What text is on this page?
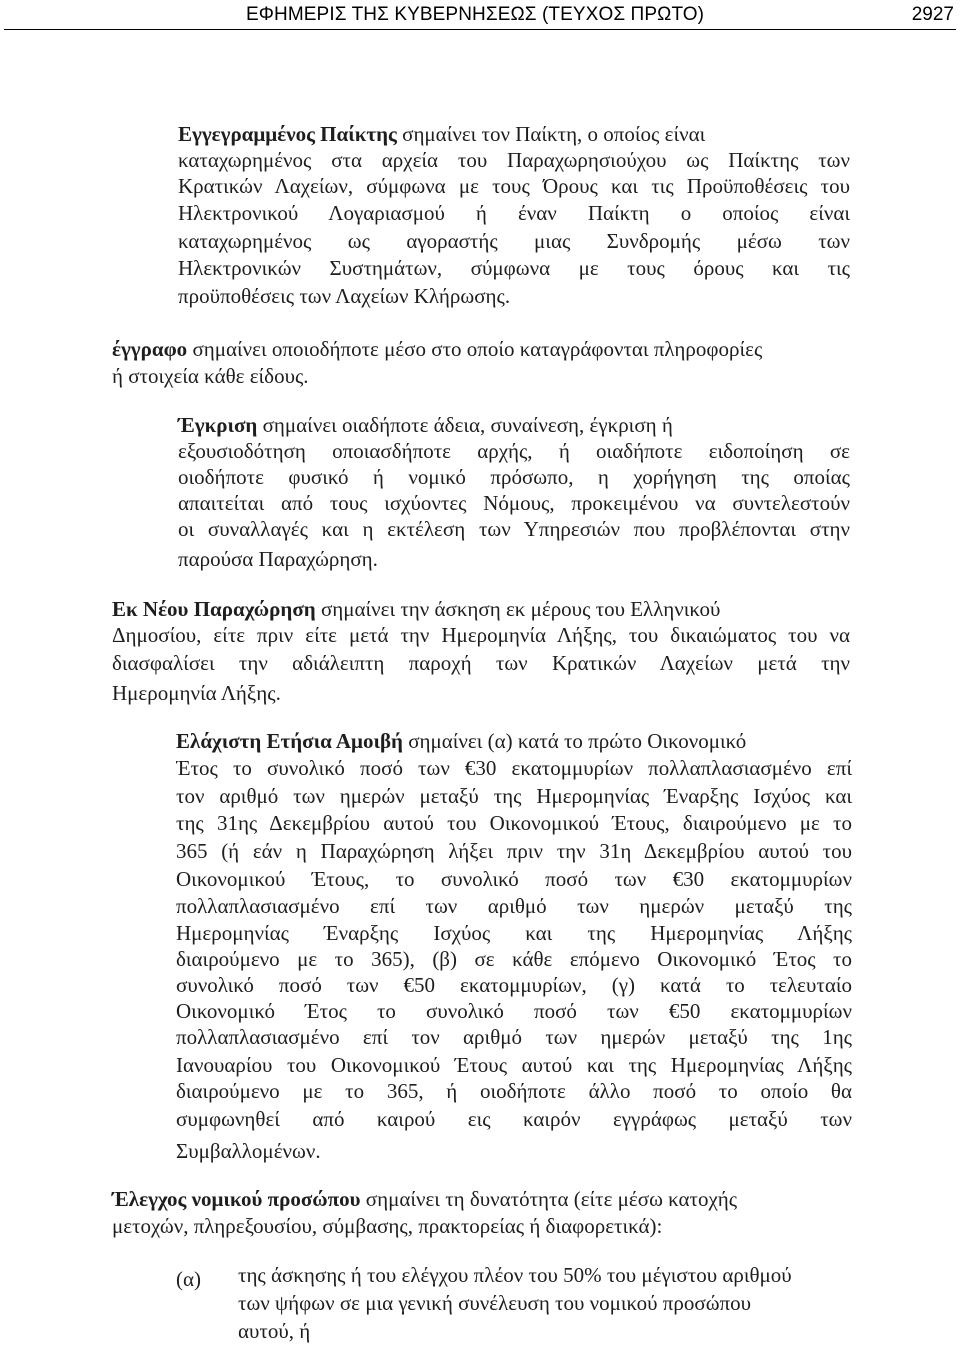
ΕΦΗΜΕΡΙΣ ΤΗΣ ΚΥΒΕΡΝΗΣΕΩΣ (ΤΕΥΧΟΣ ΠΡΩΤΟ)	2927
Εγγεγραμμένος Παίκτης σημαίνει τον Παίκτη, ο οποίος είναι
καταχωρημένος στα αρχεία του Παραχωρησιούχου ως Παίκτης των
Κρατικών Λαχείων, σύμφωνα με τους Όρους και τις Προϋποθέσεις του
Ηλεκτρονικού Λογαριασμού ή έναν Παίκτη ο οποίος είναι
καταχωρημένος ως αγοραστής μιας Συνδρομής μέσω των
Ηλεκτρονικών Συστημάτων, σύμφωνα με τους όρους και τις
προϋποθέσεις των Λαχείων Κλήρωσης.
έγγραφο σημαίνει οποιοδήποτε μέσο στο οποίο καταγράφονται πληροφορίες
ή στοιχεία κάθε είδους.
Έγκριση σημαίνει οιαδήποτε άδεια, συναίνεση, έγκριση ή
εξουσιοδότηση οποιασδήποτε αρχής, ή οιαδήποτε ειδοποίηση σε
οιοδήποτε φυσικό ή νομικό πρόσωπο, η χορήγηση της οποίας
απαιτείται από τους ισχύοντες Νόμους, προκειμένου να συντελεστούν
οι συναλλαγές και η εκτέλεση των Υπηρεσιών που προβλέπονται στην
παρούσα Παραχώρηση.
Εκ Νέου Παραχώρηση σημαίνει την άσκηση εκ μέρους του Ελληνικού
Δημοσίου, είτε πριν είτε μετά την Ημερομηνία Λήξης, του δικαιώματος του να
διασφαλίσει την αδιάλειπτη παροχή των Κρατικών Λαχείων μετά την
Ημερομηνία Λήξης.
Ελάχιστη Ετήσια Αμοιβή σημαίνει (α) κατά το πρώτο Οικονομικό
Έτος το συνολικό ποσό των €30 εκατομμυρίων πολλαπλασιασμένο επί
τον αριθμό των ημερών μεταξύ της Ημερομηνίας Έναρξης Ισχύος και
της 31ης Δεκεμβρίου αυτού του Οικονομικού Έτους, διαιρούμενο με το
365 (ή εάν η Παραχώρηση λήξει πριν την 31η Δεκεμβρίου αυτού του
Οικονομικού Έτους, το συνολικό ποσό των €30 εκατομμυρίων
πολλαπλασιασμένο επί των αριθμό των ημερών μεταξύ της
Ημερομηνίας Έναρξης Ισχύος και της Ημερομηνίας Λήξης
διαιρούμενο με το 365), (β) σε κάθε επόμενο Οικονομικό Έτος το
συνολικό ποσό των €50 εκατομμυρίων, (γ) κατά το τελευταίο
Οικονομικό Έτος το συνολικό ποσό των €50 εκατομμυρίων
πολλαπλασιασμένο επί τον αριθμό των ημερών μεταξύ της 1ης
Ιανουαρίου του Οικονομικού Έτους αυτού και της Ημερομηνίας Λήξης
διαιρούμενο με το 365, ή οιοδήποτε άλλο ποσό το οποίο θα
συμφωνηθεί από καιρού εις καιρόν εγγράφως μεταξύ των
Συμβαλλομένων.
Έλεγχος νομικού προσώπου σημαίνει τη δυνατότητα (είτε μέσω κατοχής
μετοχών, πληρεξουσίου, σύμβασης, πρακτορείας ή διαφορετικά):
(α) της άσκησης ή του ελέγχου πλέον του 50% του μέγιστου αριθμού
των ψήφων σε μια γενική συνέλευση του νομικού προσώπου
αυτού, ή
